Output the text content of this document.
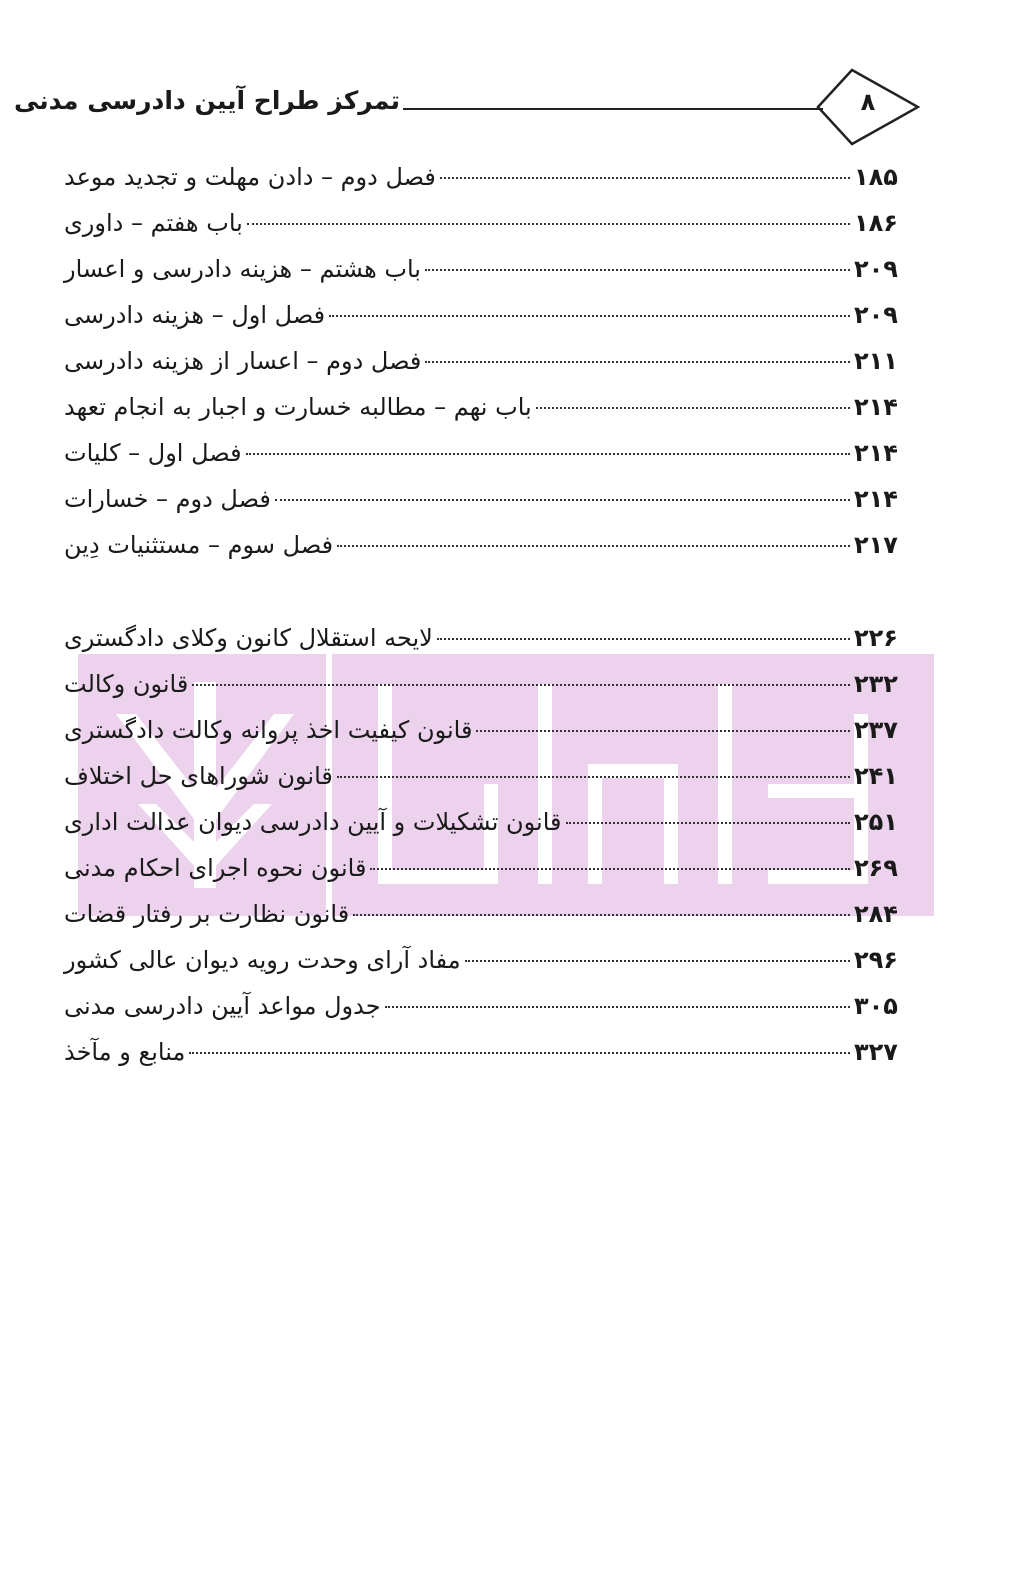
تمرکز طراح آیین دادرسی مدنی	۸
فصل دوم – دادن مهلت و تجدید موعد	۱۸۵
باب هفتم – داوری	۱۸۶
باب هشتم – هزینه دادرسی و اعسار	۲۰۹
فصل اول – هزینه دادرسی	۲۰۹
فصل دوم – اعسار از هزینه دادرسی	۲۱۱
باب نهم – مطالبه خسارت و اجبار به انجام تعهد	۲۱۴
فصل اول – کلیات	۲۱۴
فصل دوم – خسارات	۲۱۴
فصل سوم – مستثنیات دِین	۲۱۷
لایحه استقلال کانون وکلای دادگستری	۲۲۶
قانون وکالت	۲۳۲
قانون کیفیت اخذ پروانه وکالت دادگستری	۲۳۷
قانون شوراهای حل اختلاف	۲۴۱
قانون تشکیلات و آیین دادرسی دیوان عدالت اداری	۲۵۱
قانون نحوه اجرای احکام مدنی	۲۶۹
قانون نظارت بر رفتار قضات	۲۸۴
مفاد آرای وحدت رویه دیوان عالی کشور	۲۹۶
جدول مواعد آیین دادرسی مدنی	۳۰۵
منابع و مآخذ	۳۲۷
